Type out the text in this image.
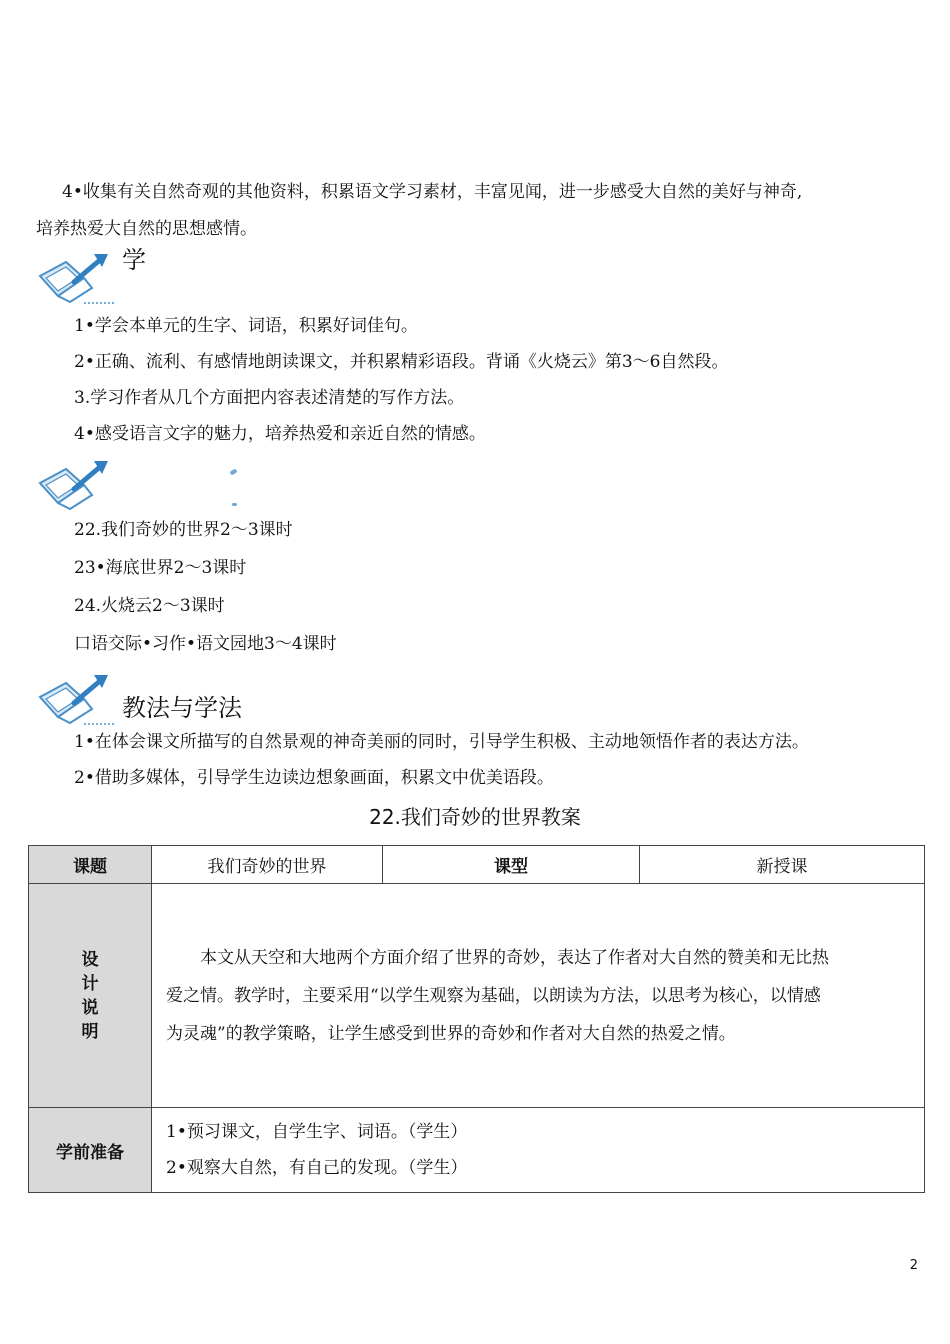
4•收集有关自然奇观的其他资料，积累语文学习素材，丰富见闻，进一步感受大自然的美好与神奇,
培养热爱大自然的思想感情。
学
1•学会本单元的生字、词语，积累好词佳句。
2•正确、流利、有感情地朗读课文，并积累精彩语段。背诵《火烧云》第3〜6自然段。
3.学习作者从几个方面把内容表述清楚的写作方法。
4•感受语言文字的魅力，培养热爱和亲近自然的情感。
22.我们奇妙的世界2〜3课时
23•海底世界2〜3课时
24.火烧云2〜3课时
口语交际•习作•语文园地3〜4课时
教法与学法
1•在体会课文所描写的自然景观的神奇美丽的同时，引导学生积极、主动地领悟作者的表达方法。
2•借助多媒体，引导学生边读边想象画面，积累文中优美语段。
22.我们奇妙的世界教案
课题	我们奇妙的世界	课型	新授课
设计说明	本文从天空和大地两个方面介绍了世界的奇妙，表达了作者对大自然的赞美和无比热
爱之情。教学时，主要采用“以学生观察为基础，以朗读为方法，以思考为核心，以情感
为灵魂”的教学策略，让学生感受到世界的奇妙和作者对大自然的热爱之情。		

学前准备	1•预习课文，自学生字、词语。（学生）
2•观察大自然，有自己的发现。（学生）		
2
